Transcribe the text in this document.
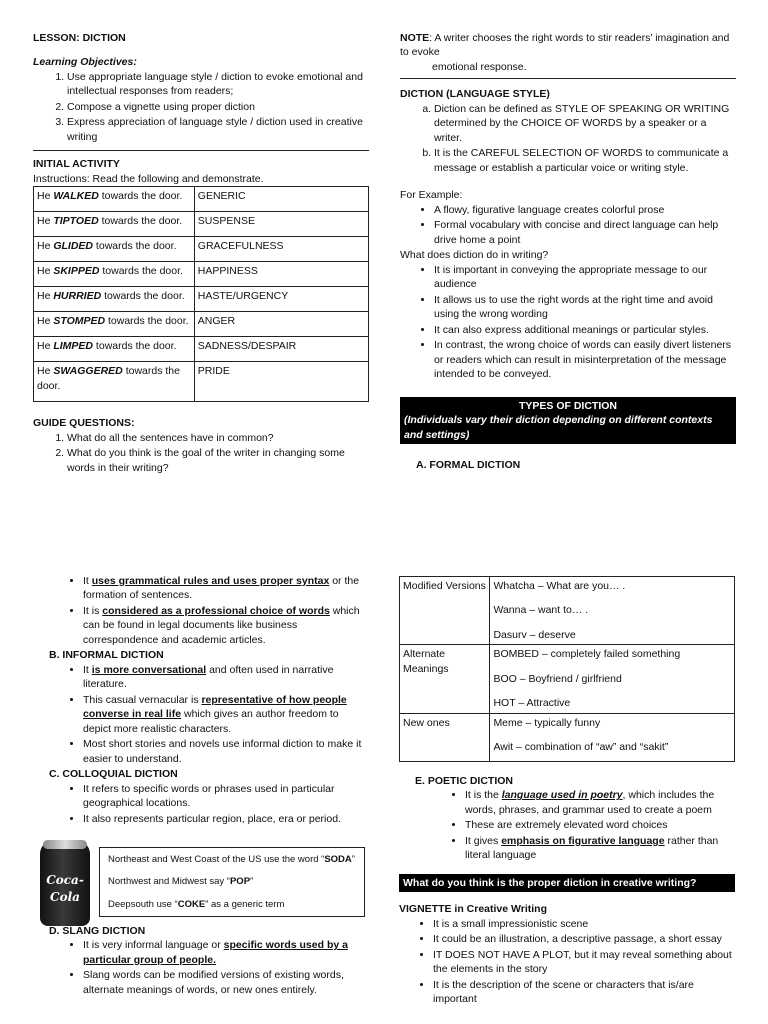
LESSON: DICTION
Learning Objectives:
1. Use appropriate language style / diction to evoke emotional and intellectual responses from readers;
2. Compose a vignette using proper diction
3. Express appreciation of language style / diction used in creative writing
INITIAL ACTIVITY
Instructions: Read the following and demonstrate.
He WALKED towards the door.	GENERIC
He TIPTOED towards the door.	SUSPENSE
He GLIDED towards the door.	GRACEFULNESS
He SKIPPED towards the door.	HAPPINESS
He HURRIED towards the door.	HASTE/URGENCY
He STOMPED towards the door.	ANGER
He LIMPED towards the door.	SADNESS/DESPAIR
He SWAGGERED towards the door.	PRIDE
GUIDE QUESTIONS:
1. What do all the sentences have in common?
2. What do you think is the goal of the writer in changing some words in their writing?
NOTE: A writer chooses the right words to stir readers’ imagination and to evoke
emotional response.
DICTION (LANGUAGE STYLE)
a. Diction can be defined as STYLE OF SPEAKING OR WRITING determined by the CHOICE OF WORDS by a speaker or a writer.
b. It is the CAREFUL SELECTION OF WORDS to communicate a message or establish a particular voice or writing style.
For Example:
• A flowy, figurative language creates colorful prose
• Formal vocabulary with concise and direct language can help drive home a point
What does diction do in writing?
• It is important in conveying the appropriate message to our audience
• It allows us to use the right words at the right time and avoid using the wrong wording
• It can also express additional meanings or particular styles.
• In contrast, the wrong choice of words can easily divert listeners or readers which can result in misinterpretation of the message intended to be conveyed.
TYPES OF DICTION
(Individuals vary their diction depending on different contexts and settings)
A. FORMAL DICTION
• It uses grammatical rules and uses proper syntax or the formation of sentences.
• It is considered as a professional choice of words which can be found in legal documents like business correspondence and academic articles.
B. INFORMAL DICTION
• It is more conversational and often used in narrative literature.
• This casual vernacular is representative of how people converse in real life which gives an author freedom to depict more realistic characters.
• Most short stories and novels use informal diction to make it easier to understand.
C. COLLOQUIAL DICTION
• It refers to specific words or phrases used in particular geographical locations.
• It also represents particular region, place, era or period.
Coca-Cola
Northeast and West Coast of the US use the word “SODA”
Northwest and Midwest say “POP”
Deepsouth use “COKE” as a generic term
D. SLANG DICTION
• It is very informal language or specific words used by a particular group of people.
• Slang words can be modified versions of existing words, alternate meanings of words, or new ones entirely.
Modified Versions	Whatcha – What are you… .
Wanna – want to… .
Dasurv – deserve

Alternate Meanings	BOMBED – completely failed something
BOO – Boyfriend / girlfriend
HOT – Attractive

New ones	Meme – typically funny
Awit – combination of “aw” and “sakit”
E. POETIC DICTION
• It is the language used in poetry, which includes the words, phrases, and grammar used to create a poem
• These are extremely elevated word choices
• It gives emphasis on figurative language rather than literal language
What do you think is the proper diction in creative writing?
VIGNETTE in Creative Writing
• It is a small impressionistic scene
• It could be an illustration, a descriptive passage, a short essay
• IT DOES NOT HAVE A PLOT, but it may reveal something about the elements in the story
• It is the description of the scene or characters that is/are important
